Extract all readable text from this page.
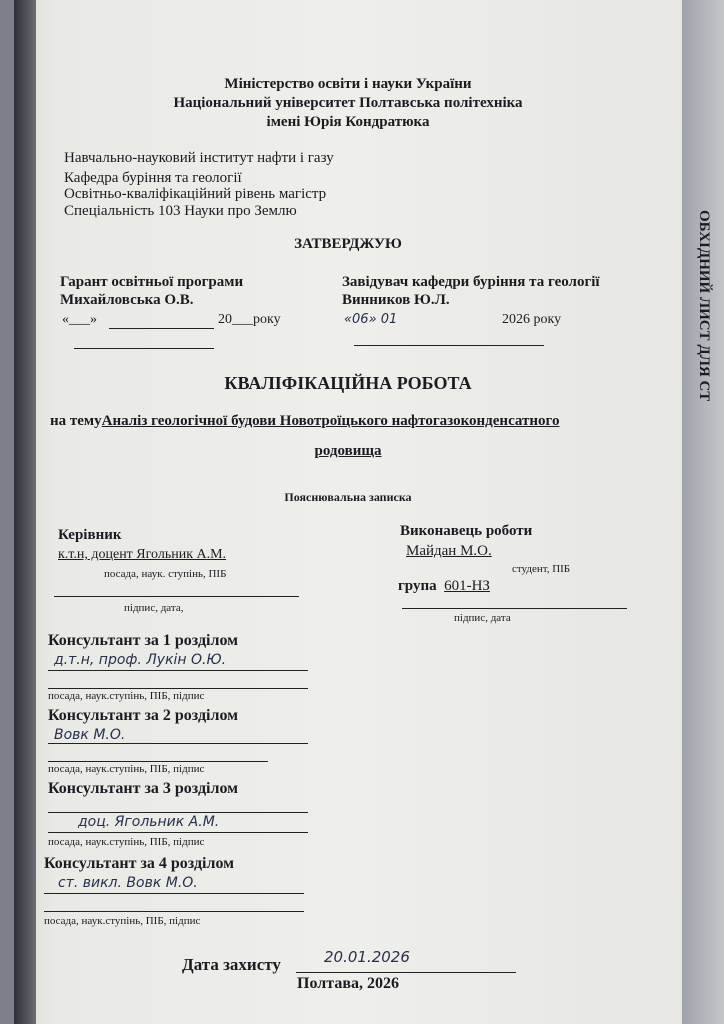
ОБХІДНИЙ ЛИСТ ДЛЯ СТ
Міністерство освіти і науки України
Національний університет Полтавська політехніка
імені Юрія Кондратюка
Навчально-науковий інститут нафти і газу
Кафедра буріння та геології
Освітньо-кваліфікаційний рівень магістр
Спеціальність 103 Науки про Землю
ЗАТВЕРДЖУЮ
Гарант освітньої програми
Михайловська О.В.
«___»	20___року
Завідувач кафедри буріння та геології
Винников Ю.Л.
«06» 01	2026 року
КВАЛІФІКАЦІЙНА РОБОТА
на темуАналіз геологічної будови Новотроїцького нафтогазоконденсатного
родовища
Пояснювальна записка
Керівник
к.т.н, доцент Ягольник А.М.
посада, наук. ступінь, ПІБ
підпис, дата,
Виконавець роботи
Майдан М.О.
студент, ПІБ
група 601-НЗ
підпис, дата
Консультант за 1 розділом
д.т.н, проф. Лукін О.Ю.
посада, наук.ступінь, ПІБ, підпис
Консультант за 2 розділом
Вовк М.О.
посада, наук.ступінь, ПІБ, підпис
Консультант за 3 розділом
доц. Ягольник А.М.
посада, наук.ступінь, ПІБ, підпис
Консультант за 4 розділом
ст. викл. Вовк М.О.
посада, наук.ступінь, ПІБ, підпис
Дата захисту	20.01.2026
Полтава, 2026
